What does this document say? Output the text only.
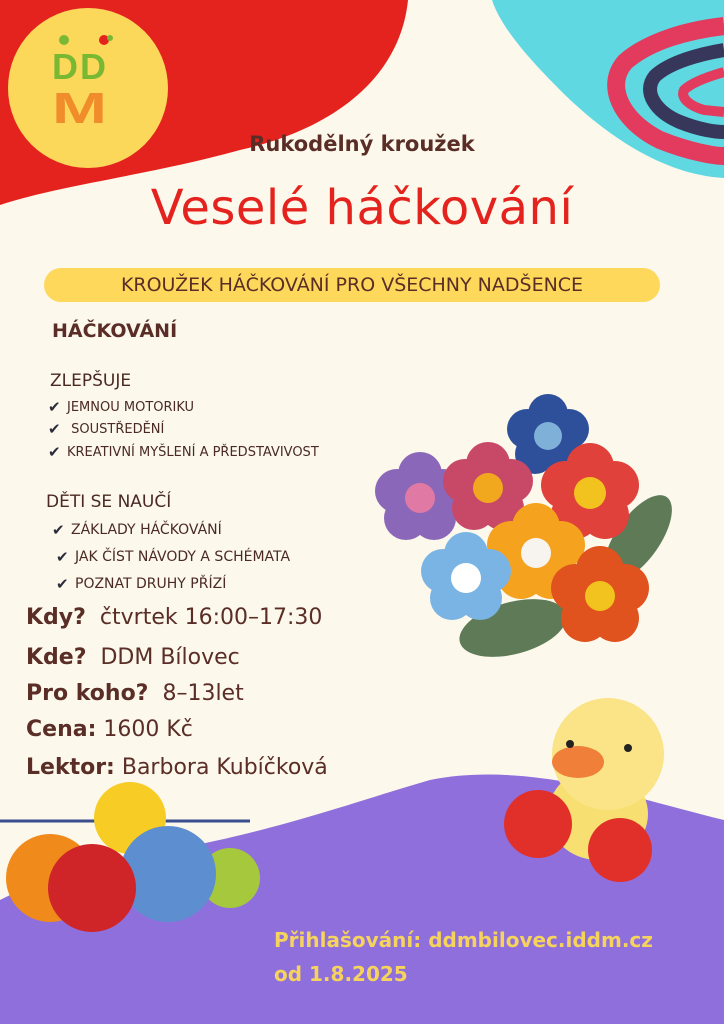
DD
M
Rukodělný kroužek
Veselé háčkování
KROUŽEK HÁČKOVÁNÍ PRO VŠECHNY NADŠENCE
HÁČKOVÁNÍ
ZLEPŠUJE
✔ JEMNOU MOTORIKU
✔ SOUSTŘEDĚNÍ
✔ KREATIVNÍ MYŠLENÍ A PŘEDSTAVIVOST
DĚTI SE NAUČÍ
✔ ZÁKLADY HÁČKOVÁNÍ
✔ JAK ČÍST NÁVODY A SCHÉMATA
✔ POZNAT DRUHY PŘÍZÍ
Kdy? čtvrtek 16:00–17:30
Kde? DDM Bílovec
Pro koho? 8–13let
Cena: 1600 Kč
Lektor: Barbora Kubíčková
Přihlašování: ddmbilovec.iddm.cz
od 1.8.2025
